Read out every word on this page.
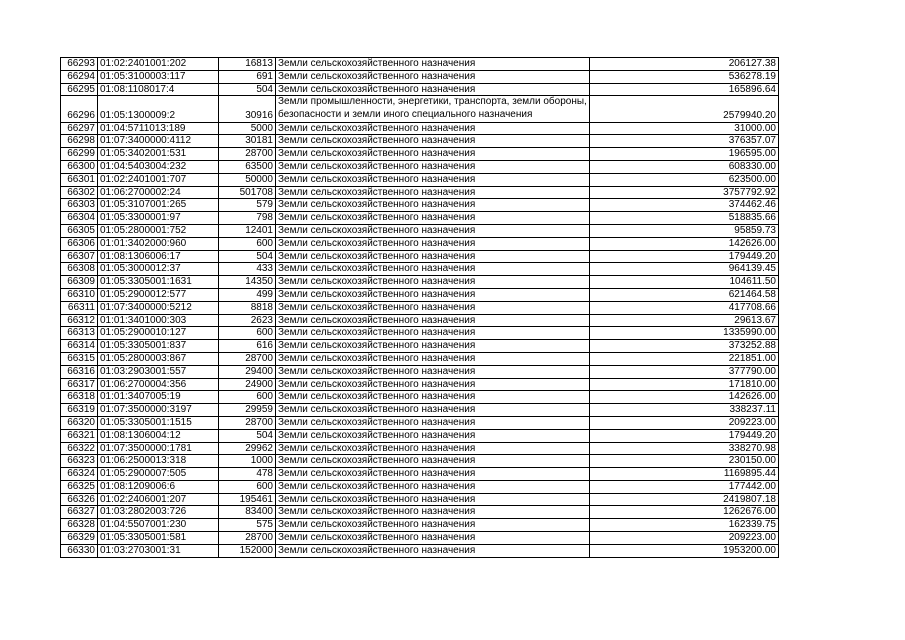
66293	01:02:2401001:202	16813	Земли сельскохозяйственного назначения	206127.38
66294	01:05:3100003:117	691	Земли сельскохозяйственного назначения	536278.19
66295	01:08:1108017:4	504	Земли сельскохозяйственного назначения	165896.64
66296	01:05:1300009:2	30916	Земли промышленности, энергетики, транспорта, земли обороны, безопасности и земли иного специального назначения	2579940.20
66297	01:04:5711013:189	5000	Земли сельскохозяйственного назначения	31000.00
66298	01:07:3400000:4112	30181	Земли сельскохозяйственного назначения	376357.07
66299	01:05:3402001:531	28700	Земли сельскохозяйственного назначения	196595.00
66300	01:04:5403004:232	63500	Земли сельскохозяйственного назначения	608330.00
66301	01:02:2401001:707	50000	Земли сельскохозяйственного назначения	623500.00
66302	01:06:2700002:24	501708	Земли сельскохозяйственного назначения	3757792.92
66303	01:05:3107001:265	579	Земли сельскохозяйственного назначения	374462.46
66304	01:05:3300001:97	798	Земли сельскохозяйственного назначения	518835.66
66305	01:05:2800001:752	12401	Земли сельскохозяйственного назначения	95859.73
66306	01:01:3402000:960	600	Земли сельскохозяйственного назначения	142626.00
66307	01:08:1306006:17	504	Земли сельскохозяйственного назначения	179449.20
66308	01:05:3000012:37	433	Земли сельскохозяйственного назначения	964139.45
66309	01:05:3305001:1631	14350	Земли сельскохозяйственного назначения	104611.50
66310	01:05:2900012:577	499	Земли сельскохозяйственного назначения	621464.58
66311	01:07:3400000:5212	8818	Земли сельскохозяйственного назначения	417708.66
66312	01:01:3401000:303	2623	Земли сельскохозяйственного назначения	29613.67
66313	01:05:2900010:127	600	Земли сельскохозяйственного назначения	1335990.00
66314	01:05:3305001:837	616	Земли сельскохозяйственного назначения	373252.88
66315	01:05:2800003:867	28700	Земли сельскохозяйственного назначения	221851.00
66316	01:03:2903001:557	29400	Земли сельскохозяйственного назначения	377790.00
66317	01:06:2700004:356	24900	Земли сельскохозяйственного назначения	171810.00
66318	01:01:3407005:19	600	Земли сельскохозяйственного назначения	142626.00
66319	01:07:3500000:3197	29959	Земли сельскохозяйственного назначения	338237.11
66320	01:05:3305001:1515	28700	Земли сельскохозяйственного назначения	209223.00
66321	01:08:1306004:12	504	Земли сельскохозяйственного назначения	179449.20
66322	01:07:3500000:1781	29962	Земли сельскохозяйственного назначения	338270.98
66323	01:06:2500013:318	1000	Земли сельскохозяйственного назначения	230150.00
66324	01:05:2900007:505	478	Земли сельскохозяйственного назначения	1169895.44
66325	01:08:1209006:6	600	Земли сельскохозяйственного назначения	177442.00
66326	01:02:2406001:207	195461	Земли сельскохозяйственного назначения	2419807.18
66327	01:03:2802003:726	83400	Земли сельскохозяйственного назначения	1262676.00
66328	01:04:5507001:230	575	Земли сельскохозяйственного назначения	162339.75
66329	01:05:3305001:581	28700	Земли сельскохозяйственного назначения	209223.00
66330	01:03:2703001:31	152000	Земли сельскохозяйственного назначения	1953200.00
